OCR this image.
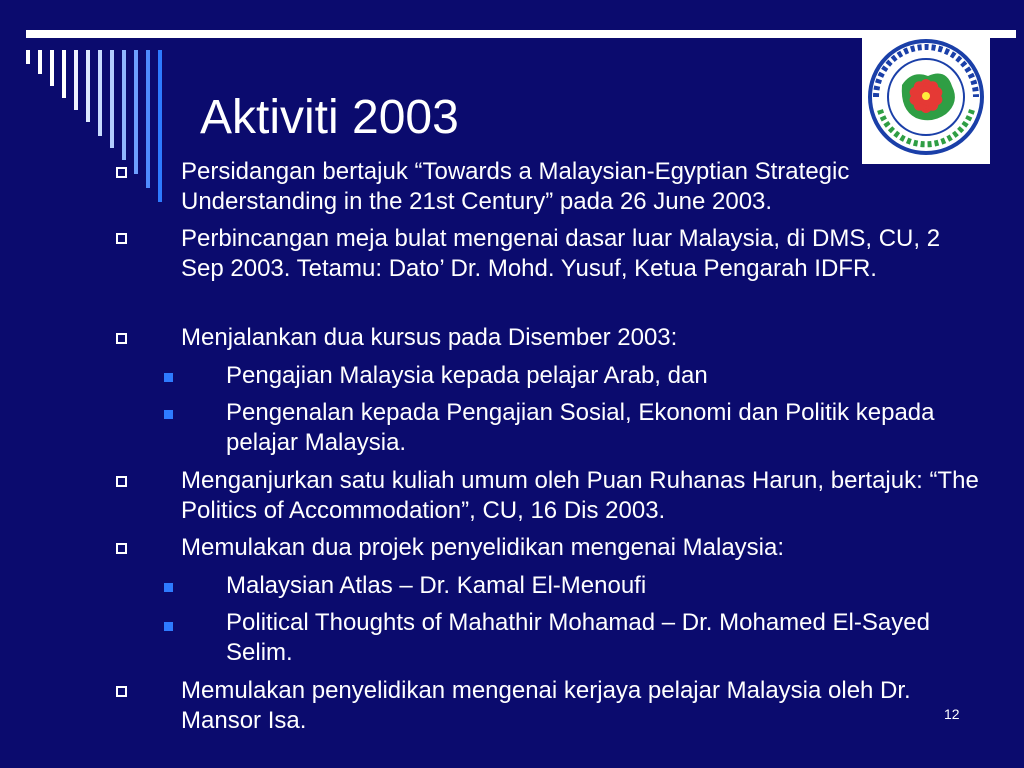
Aktiviti 2003
Persidangan bertajuk “Towards a Malaysian-Egyptian Strategic Understanding in the 21st Century” pada 26 June 2003.
Perbincangan meja bulat mengenai dasar luar Malaysia, di DMS, CU, 2 Sep 2003. Tetamu: Dato’ Dr. Mohd. Yusuf, Ketua Pengarah IDFR.
Menjalankan dua kursus pada Disember 2003:
Pengajian Malaysia kepada pelajar Arab, dan
Pengenalan kepada Pengajian Sosial, Ekonomi dan Politik kepada pelajar Malaysia.
Menganjurkan satu kuliah umum oleh Puan Ruhanas Harun, bertajuk: “The Politics of Accommodation”, CU, 16 Dis 2003.
Memulakan dua projek penyelidikan mengenai Malaysia:
Malaysian Atlas – Dr. Kamal El-Menoufi
Political Thoughts of Mahathir Mohamad – Dr. Mohamed El-Sayed Selim.
Memulakan penyelidikan mengenai kerjaya pelajar Malaysia oleh Dr. Mansor Isa.	12
